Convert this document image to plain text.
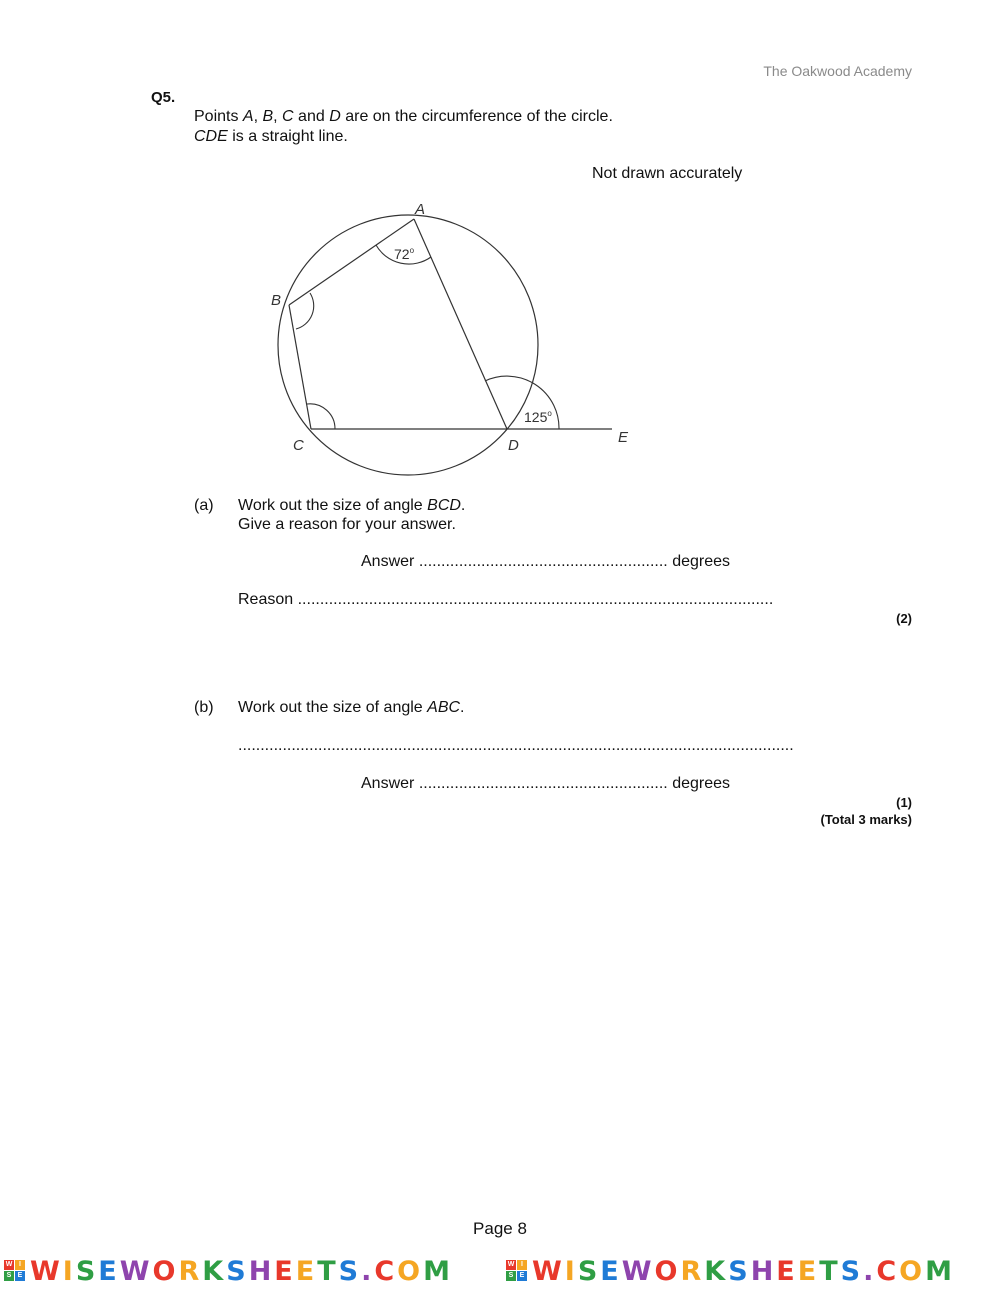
The Oakwood Academy
Q5.
Points A, B, C and D are on the circumference of the circle.
CDE is a straight line.
Not drawn accurately
A
B
C	D	E
72$^o$
125$^o$
(a) Work out the size of angle BCD.
Give a reason for your answer.
Answer ........................................................ degrees
Reason ...........................................................................................................
(2)
(b) Work out the size of angle ABC.
.............................................................................................................................
Answer ........................................................ degrees
(1)
(Total 3 marks)
Page 8
W I
S E WISEWORKSHEETS.COM	W I
S E WISEWORKSHEETS.COM
